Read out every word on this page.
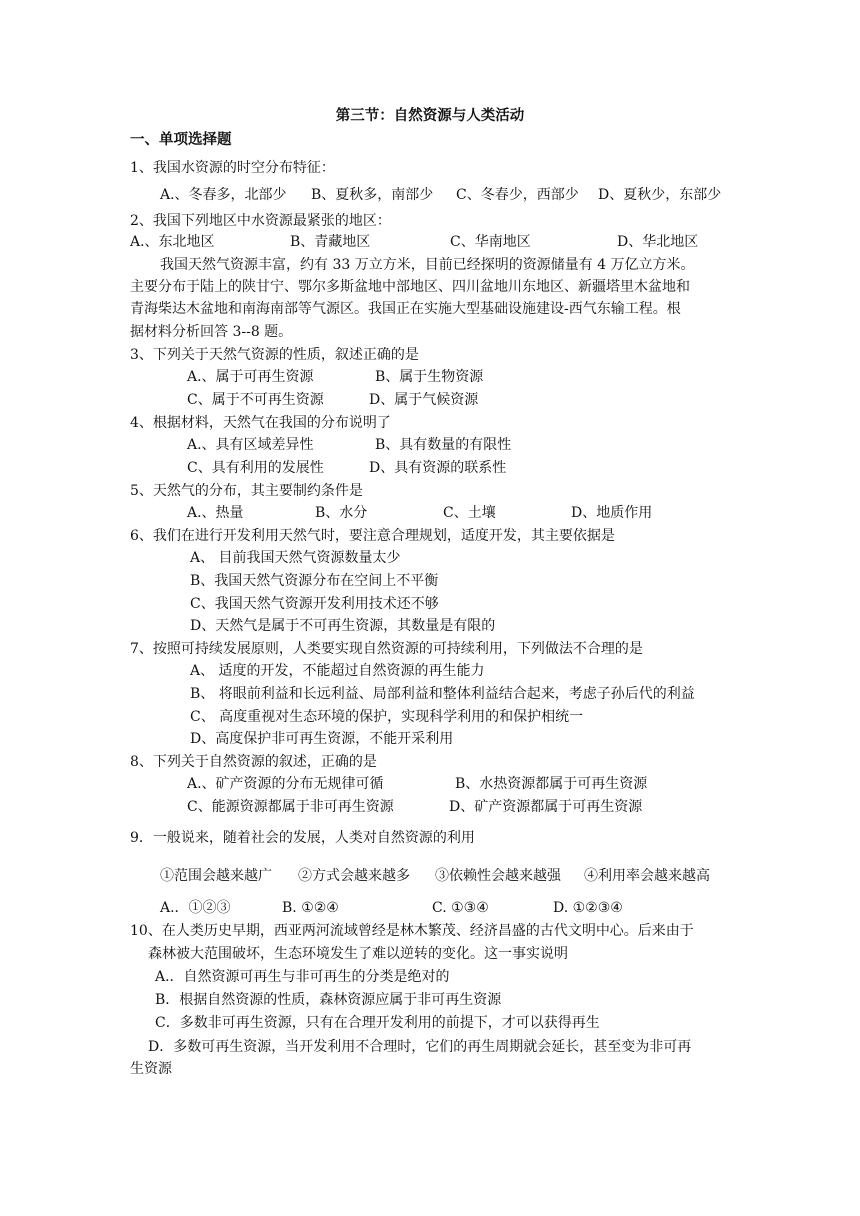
第三节：自然资源与人类活动
一、单项选择题
1、我国水资源的时空分布特征：
A.、冬春多，北部少	B、夏秋多，南部少	C、冬春少，西部少	D、夏秋少，东部少
2、我国下列地区中水资源最紧张的地区：
A.、东北地区	B、青藏地区	C、华南地区	D、华北地区
我国天然气资源丰富，约有 33 万立方米，目前已经探明的资源储量有 4 万亿立方米。
主要分布于陆上的陕甘宁、鄂尔多斯盆地中部地区、四川盆地川东地区、新疆塔里木盆地和
青海柴达木盆地和南海南部等气源区。我国正在实施大型基础设施建设-西气东输工程。根
据材料分析回答 3--8 题。
3、下列关于天然气资源的性质，叙述正确的是
A.、属于可再生资源	B、属于生物资源
C、属于不可再生资源	D、属于气候资源
4、根据材料，天然气在我国的分布说明了
A.、具有区域差异性	B、具有数量的有限性
C、具有利用的发展性	D、具有资源的联系性
5、天然气的分布，其主要制约条件是
A.、热量	B、水分	C、土壤	D、地质作用
6、我们在进行开发利用天然气时，要注意合理规划，适度开发，其主要依据是
A、 目前我国天然气资源数量太少
B、我国天然气资源分布在空间上不平衡
C、我国天然气资源开发利用技术还不够
D、天然气是属于不可再生资源，其数量是有限的
7、按照可持续发展原则，人类要实现自然资源的可持续利用，下列做法不合理的是
A、 适度的开发，不能超过自然资源的再生能力
B、 将眼前利益和长远利益、局部利益和整体利益结合起来，考虑子孙后代的利益
C、 高度重视对生态环境的保护，实现科学利用的和保护相统一
D、高度保护非可再生资源，不能开采利用
8、下列关于自然资源的叙述，正确的是
A.、矿产资源的分布无规律可循	B、水热资源都属于可再生资源
C、能源资源都属于非可再生资源	D、矿产资源都属于可再生资源
9．一般说来，随着社会的发展，人类对自然资源的利用
①范围会越来越广	②方式会越来越多	③依赖性会越来越强	④利用率会越来越高
A.．①②③	B. ①②④	C. ①③④	D. ①②③④
10、在人类历史早期，西亚两河流域曾经是林木繁茂、经济昌盛的古代文明中心。后来由于
森林被大范围破坏，生态环境发生了难以逆转的变化。这一事实说明
A.．自然资源可再生与非可再生的分类是绝对的
B．根据自然资源的性质，森林资源应属于非可再生资源
C．多数非可再生资源，只有在合理开发利用的前提下，才可以获得再生
D．多数可再生资源，当开发利用不合理时，它们的再生周期就会延长，甚至变为非可再
生资源
